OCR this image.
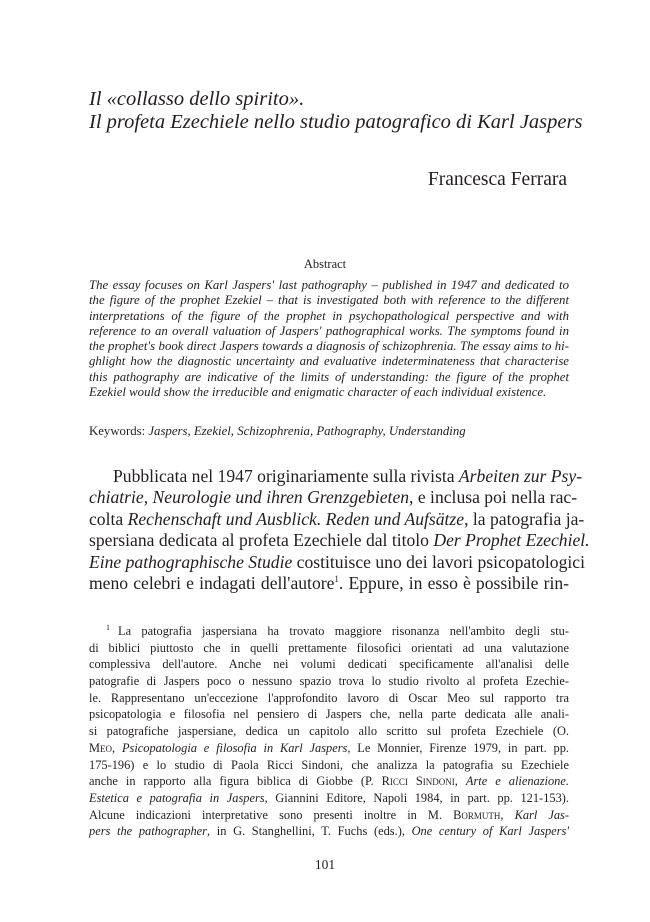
Il «collasso dello spirito».
Il profeta Ezechiele nello studio patografico di Karl Jaspers

Francesca Ferrara

Abstract

The essay focuses on Karl Jaspers' last pathography – published in 1947 and dedicated to
the figure of the prophet Ezekiel – that is investigated both with reference to the different
interpretations of the figure of the prophet in psychopathological perspective and with
reference to an overall valuation of Jaspers' pathographical works. The symptoms found in
the prophet's book direct Jaspers towards a diagnosis of schizophrenia. The essay aims to hi-
ghlight how the diagnostic uncertainty and evaluative indeterminateness that characterise
this pathography are indicative of the limits of understanding: the figure of the prophet
Ezekiel would show the irreducible and enigmatic character of each individual existence.

Keywords: Jaspers, Ezekiel, Schizophrenia, Pathography, Understanding

Pubblicata nel 1947 originariamente sulla rivista Arbeiten zur Psy-
chiatrie, Neurologie und ihren Grenzgebieten, e inclusa poi nella rac-
colta Rechenschaft und Ausblick. Reden und Aufsätze, la patografia ja-
spersiana dedicata al profeta Ezechiele dal titolo Der Prophet Ezechiel.
Eine pathographische Studie costituisce uno dei lavori psicopatologici
meno celebri e indagati dell'autore$^1$. Eppure, in esso è possibile rin-
$^1$ La patografia jaspersiana ha trovato maggiore risonanza nell'ambito degli stu-
di biblici piuttosto che in quelli prettamente filosofici orientati ad una valutazione
complessiva dell'autore. Anche nei volumi dedicati specificamente all'analisi delle
patografie di Jaspers poco o nessuno spazio trova lo studio rivolto al profeta Ezechie-
le. Rappresentano un'eccezione l'approfondito lavoro di Oscar Meo sul rapporto tra
psicopatologia e filosofia nel pensiero di Jaspers che, nella parte dedicata alle anali-
si patografiche jaspersiane, dedica un capitolo allo scritto sul profeta Ezechiele (O.
Meo, Psicopatologia e filosofia in Karl Jaspers, Le Monnier, Firenze 1979, in part. pp.
175-196) e lo studio di Paola Ricci Sindoni, che analizza la patografia su Ezechiele
anche in rapporto alla figura biblica di Giobbe (P. Ricci Sindoni, Arte e alienazione.
Estetica e patografia in Jaspers, Giannini Editore, Napoli 1984, in part. pp. 121-153).
Alcune indicazioni interpretative sono presenti inoltre in M. Bormuth, Karl Jas-
pers the pathographer, in G. Stanghellini, T. Fuchs (eds.), One century of Karl Jaspers'

101
